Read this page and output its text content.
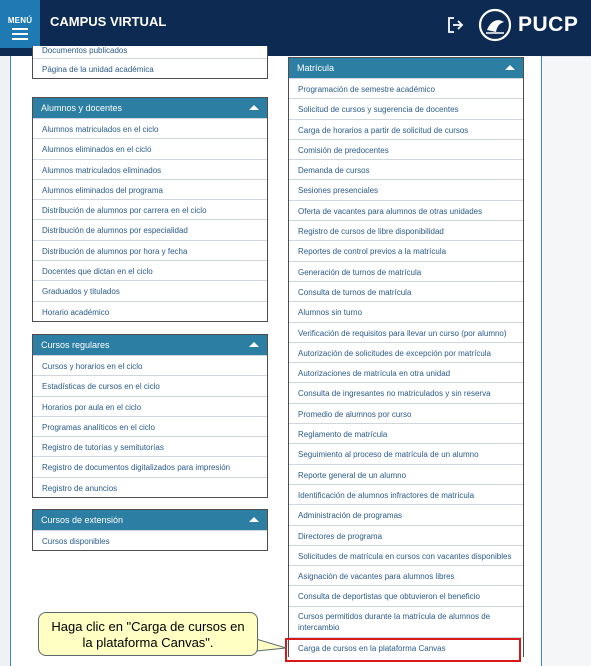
MENÚ	CAMPUS VIRTUAL	PUCP
Documentos publicados
Página de la unidad académica
Alumnos y docentes
Alumnos matriculados en el ciclo
Alumnos eliminados en el ciclo
Alumnos matriculados eliminados
Alumnos eliminados del programa
Distribución de alumnos por carrera en el ciclo
Distribución de alumnos por especialidad
Distribución de alumnos por hora y fecha
Docentes que dictan en el ciclo
Graduados y titulados
Horario académico
Cursos regulares
Cursos y horarios en el ciclo
Estadísticas de cursos en el ciclo
Horarios por aula en el ciclo
Programas analíticos en el ciclo
Registro de tutorías y semitutorías
Registro de documentos digitalizados para impresión
Registro de anuncios
Cursos de extensión
Cursos disponibles
Matrícula
Programación de semestre académico
Solicitud de cursos y sugerencia de docentes
Carga de horarios a partir de solicitud de cursos
Comisión de predocentes
Demanda de cursos
Sesiones presenciales
Oferta de vacantes para alumnos de otras unidades
Registro de cursos de libre disponibilidad
Reportes de control previos a la matrícula
Generación de turnos de matrícula
Consulta de turnos de matrícula
Alumnos sin turno
Verificación de requisitos para llevar un curso (por alumno)
Autorización de solicitudes de excepción por matrícula
Autorizaciones de matrícula en otra unidad
Consulta de ingresantes no matriculados y sin reserva
Promedio de alumnos por curso
Reglamento de matrícula
Seguimiento al proceso de matrícula de un alumno
Reporte general de un alumno
Identificación de alumnos infractores de matrícula
Administración de programas
Directores de programa
Solicitudes de matrícula en cursos con vacantes disponibles
Asignación de vacantes para alumnos libres
Consulta de deportistas que obtuvieron el beneficio
Cursos permitidos durante la matrícula de alumnos de intercambio
Carga de cursos en la plataforma Canvas
Haga clic en "Carga de cursos en
la plataforma Canvas".
